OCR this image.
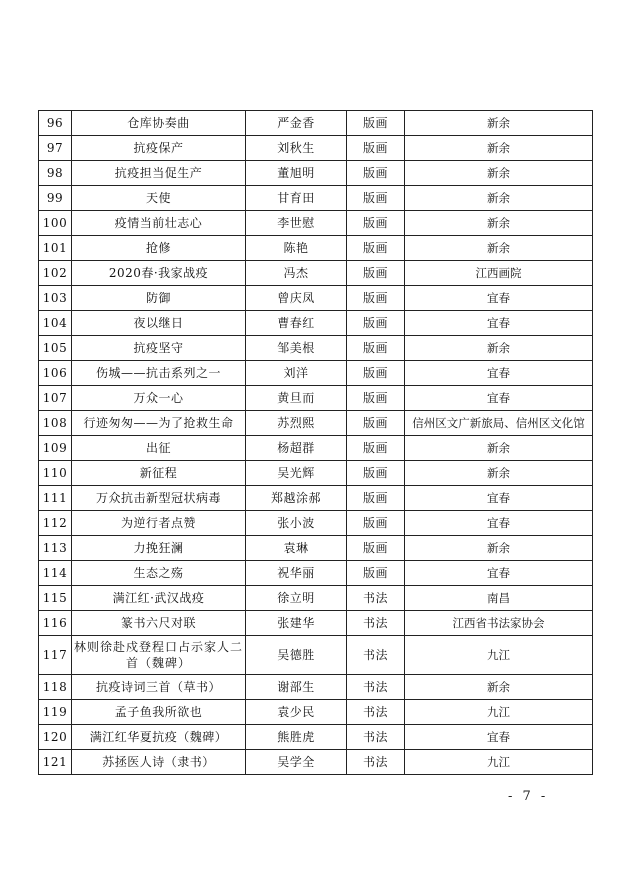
96	仓库协奏曲	严金香	版画	新余
97	抗疫保产	刘秋生	版画	新余
98	抗疫担当促生产	董旭明	版画	新余
99	天使	甘育田	版画	新余
100	疫情当前壮志心	李世慰	版画	新余
101	抢修	陈艳	版画	新余
102	2020春·我家战疫	冯杰	版画	江西画院
103	防御	曾庆凤	版画	宜春
104	夜以继日	曹春红	版画	宜春
105	抗疫坚守	邹美根	版画	新余
106	伤城——抗击系列之一	刘洋	版画	宜春
107	万众一心	黄旦而	版画	宜春
108	行迹匆匆——为了抢救生命	苏烈熙	版画	信州区文广新旅局、信州区文化馆
109	出征	杨超群	版画	新余
110	新征程	吴光辉	版画	新余
111	万众抗击新型冠状病毒	郑越涂郝	版画	宜春
112	为逆行者点赞	张小波	版画	宜春
113	力挽狂澜	袁琳	版画	新余
114	生态之殇	祝华丽	版画	宜春
115	满江红·武汉战疫	徐立明	书法	南昌
116	篆书六尺对联	张建华	书法	江西省书法家协会
117	林则徐赴戍登程口占示家人二首（魏碑）	吴德胜	书法	九江
118	抗疫诗词三首（草书）	谢部生	书法	新余
119	孟子鱼我所欲也	袁少民	书法	九江
120	满江红华夏抗疫（魏碑）	熊胜虎	书法	宜春
121	苏拯医人诗（隶书）	吴学全	书法	九江
- 7 -
